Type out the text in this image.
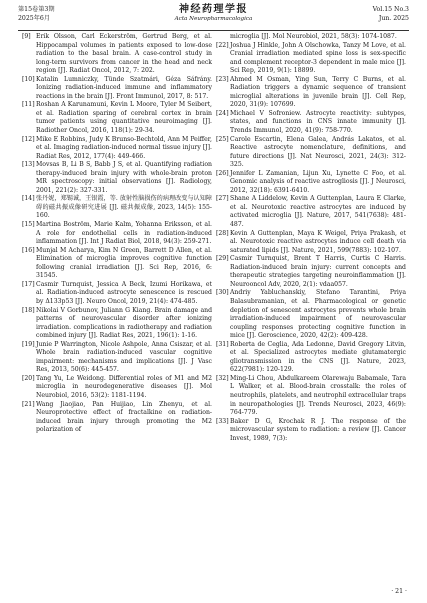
第15卷第3期
2025年6月
神经药理学报
Acta Neuropharmacologica
Vol.15 No.3
Jun. 2025
[9] Erik Olsson, Carl Eckerström, Gertrud Berg, et al. Hippocampal volumes in patients exposed to low-dose radiation to the basal brain. A case-control study in long-term survivors from cancer in the head and neck region [J]. Radiat Oncol, 2012, 7: 202.
[10] Katalin Lumniczky, Tünde Szatmári, Géza Sáfrány. Ionizing radiation-induced immune and inflammatory reactions in the brain [J]. Front Immunol, 2017, 8: 517.
[11] Roshan A Karunamuni, Kevin L Moore, Tyler M Seibert, et al. Radiation sparing of cerebral cortex in brain tumor patients using quantitative neuroimaging [J]. Radiother Oncol, 2016, 118(1): 29-34.
[12] Mike E Robbins, Judy K Brunso-Bechtold, Ann M Peiffer, et al. Imaging radiation-induced normal tissue injury [J]. Radiat Res, 2012, 177(4): 449-466.
[13] Movsas B, Li B S, Babb J S, et al. Quantifying radiation therapy-induced brain injury with whole-brain proton MR spectroscopy: initial observations [J]. Radiology, 2001, 221(2): 327-331.
[14] 张丹妮，郑锡诚，王银霞，等. 放射性脑损伤的病理改变与认知障碍的磁共振成像研究进展 [J]. 磁共振成像, 2023, 14(5): 155-160.
[15] Martina Boström, Marie Kalm, Yohanna Eriksson, et al. A role for endothelial cells in radiation-induced inflammation [J]. Int J Radiat Biol, 2018, 94(3): 259-271.
[16] Munjal M Acharya, Kim N Green, Barrett D Allen, et al. Elimination of microglia improves cognitive function following cranial irradiation [J]. Sci Rep, 2016, 6: 31545.
[17] Casmir Turnquist, Jessica A Beck, Izumi Horikawa, et al. Radiation-induced astrocyte senescence is rescued by Δ133p53 [J]. Neuro Oncol, 2019, 21(4): 474-485.
[18] Nikolai V Gorbunov, Juliann G Kiang. Brain damage and patterns of neurovascular disorder after ionizing irradiation. complications in radiotherapy and radiation combined injury [J]. Radiat Res, 2021, 196(1): 1-16.
[19] Junie P Warrington, Nicole Ashpole, Anna Csiszar, et al. Whole brain radiation-induced vascular cognitive impairment: mechanisms and implications [J]. J Vasc Res, 2013, 50(6): 445-457.
[20] Tang Yu, Le Weidong. Differential roles of M1 and M2 microglia in neurodegenerative diseases [J]. Mol Neurobiol, 2016, 53(2): 1181-1194.
[21] Wang Jiaojiao, Pan Huijiao, Lin Zhenyu, et al. Neuroprotective effect of fractalkine on radiation-induced brain injury through promoting the M2 polarization of
microglia [J]. Mol Neurobiol, 2021, 58(3): 1074-1087.
[22] Joshua J Hinkle, John A Olschowka, Tanzy M Love, et al. Cranial irradiation mediated spine loss is sex-specific and complement receptor-3 dependent in male mice [J]. Sci Rep, 2019, 9(1): 18899.
[23] Ahmed M Osman, Ying Sun, Terry C Burns, et al. Radiation triggers a dynamic sequence of transient microglial alterations in juvenile brain [J]. Cell Rep, 2020, 31(9): 107699.
[24] Michael V Sofroniew. Astrocyte reactivity: subtypes, states, and functions in CNS innate immunity [J]. Trends Immunol, 2020, 41(9): 758-770.
[25] Carole Escartin, Elena Galea, András Lakatos, et al. Reactive astrocyte nomenclature, definitions, and future directions [J]. Nat Neurosci, 2021, 24(3): 312-325.
[26] Jennifer L Zamanian, Lijun Xu, Lynette C Foo, et al. Genomic analysis of reactive astrogliosis [J]. J Neurosci, 2012, 32(18): 6391-6410.
[27] Shane A Liddelow, Kevin A Guttenplan, Laura E Clarke, et al. Neurotoxic reactive astrocytes are induced by activated microglia [J]. Nature, 2017, 541(7638): 481-487.
[28] Kevin A Guttenplan, Maya K Weigel, Priya Prakash, et al. Neurotoxic reactive astrocytes induce cell death via saturated lipids [J]. Nature, 2021, 599(7883): 102-107.
[29] Casmir Turnquist, Brent T Harris, Curtis C Harris. Radiation-induced brain injury: current concepts and therapeutic strategies targeting neuroinflammation [J]. Neurooncol Adv, 2020, 2(1): vdaa057.
[30] Andriy Yabluchanskiy, Stefano Tarantini, Priya Balasubramanian, et al. Pharmacological or genetic depletion of senescent astrocytes prevents whole brain irradiation-induced impairment of neurovascular coupling responses protecting cognitive function in mice [J]. Geroscience, 2020, 42(2): 409-428.
[31] Roberta de Ceglia, Ada Ledonne, David Gregory Litvin, et al. Specialized astrocytes mediate glutamatergic gliotransmission in the CNS [J]. Nature, 2023, 622(7981): 120-129.
[32] Ming-Li Chou, Abdulkareem Olarewaju Babamale, Tara L Walker, et al. Blood-brain crosstalk: the roles of neutrophils, platelets, and neutrophil extracellular traps in neuropathologies [J]. Trends Neurosci, 2023, 46(9): 764-779.
[33] Baker D G, Krochak R J. The response of the microvascular system to radiation: a review [J]. Cancer Invest, 1989, 7(3):
· 21 ·
